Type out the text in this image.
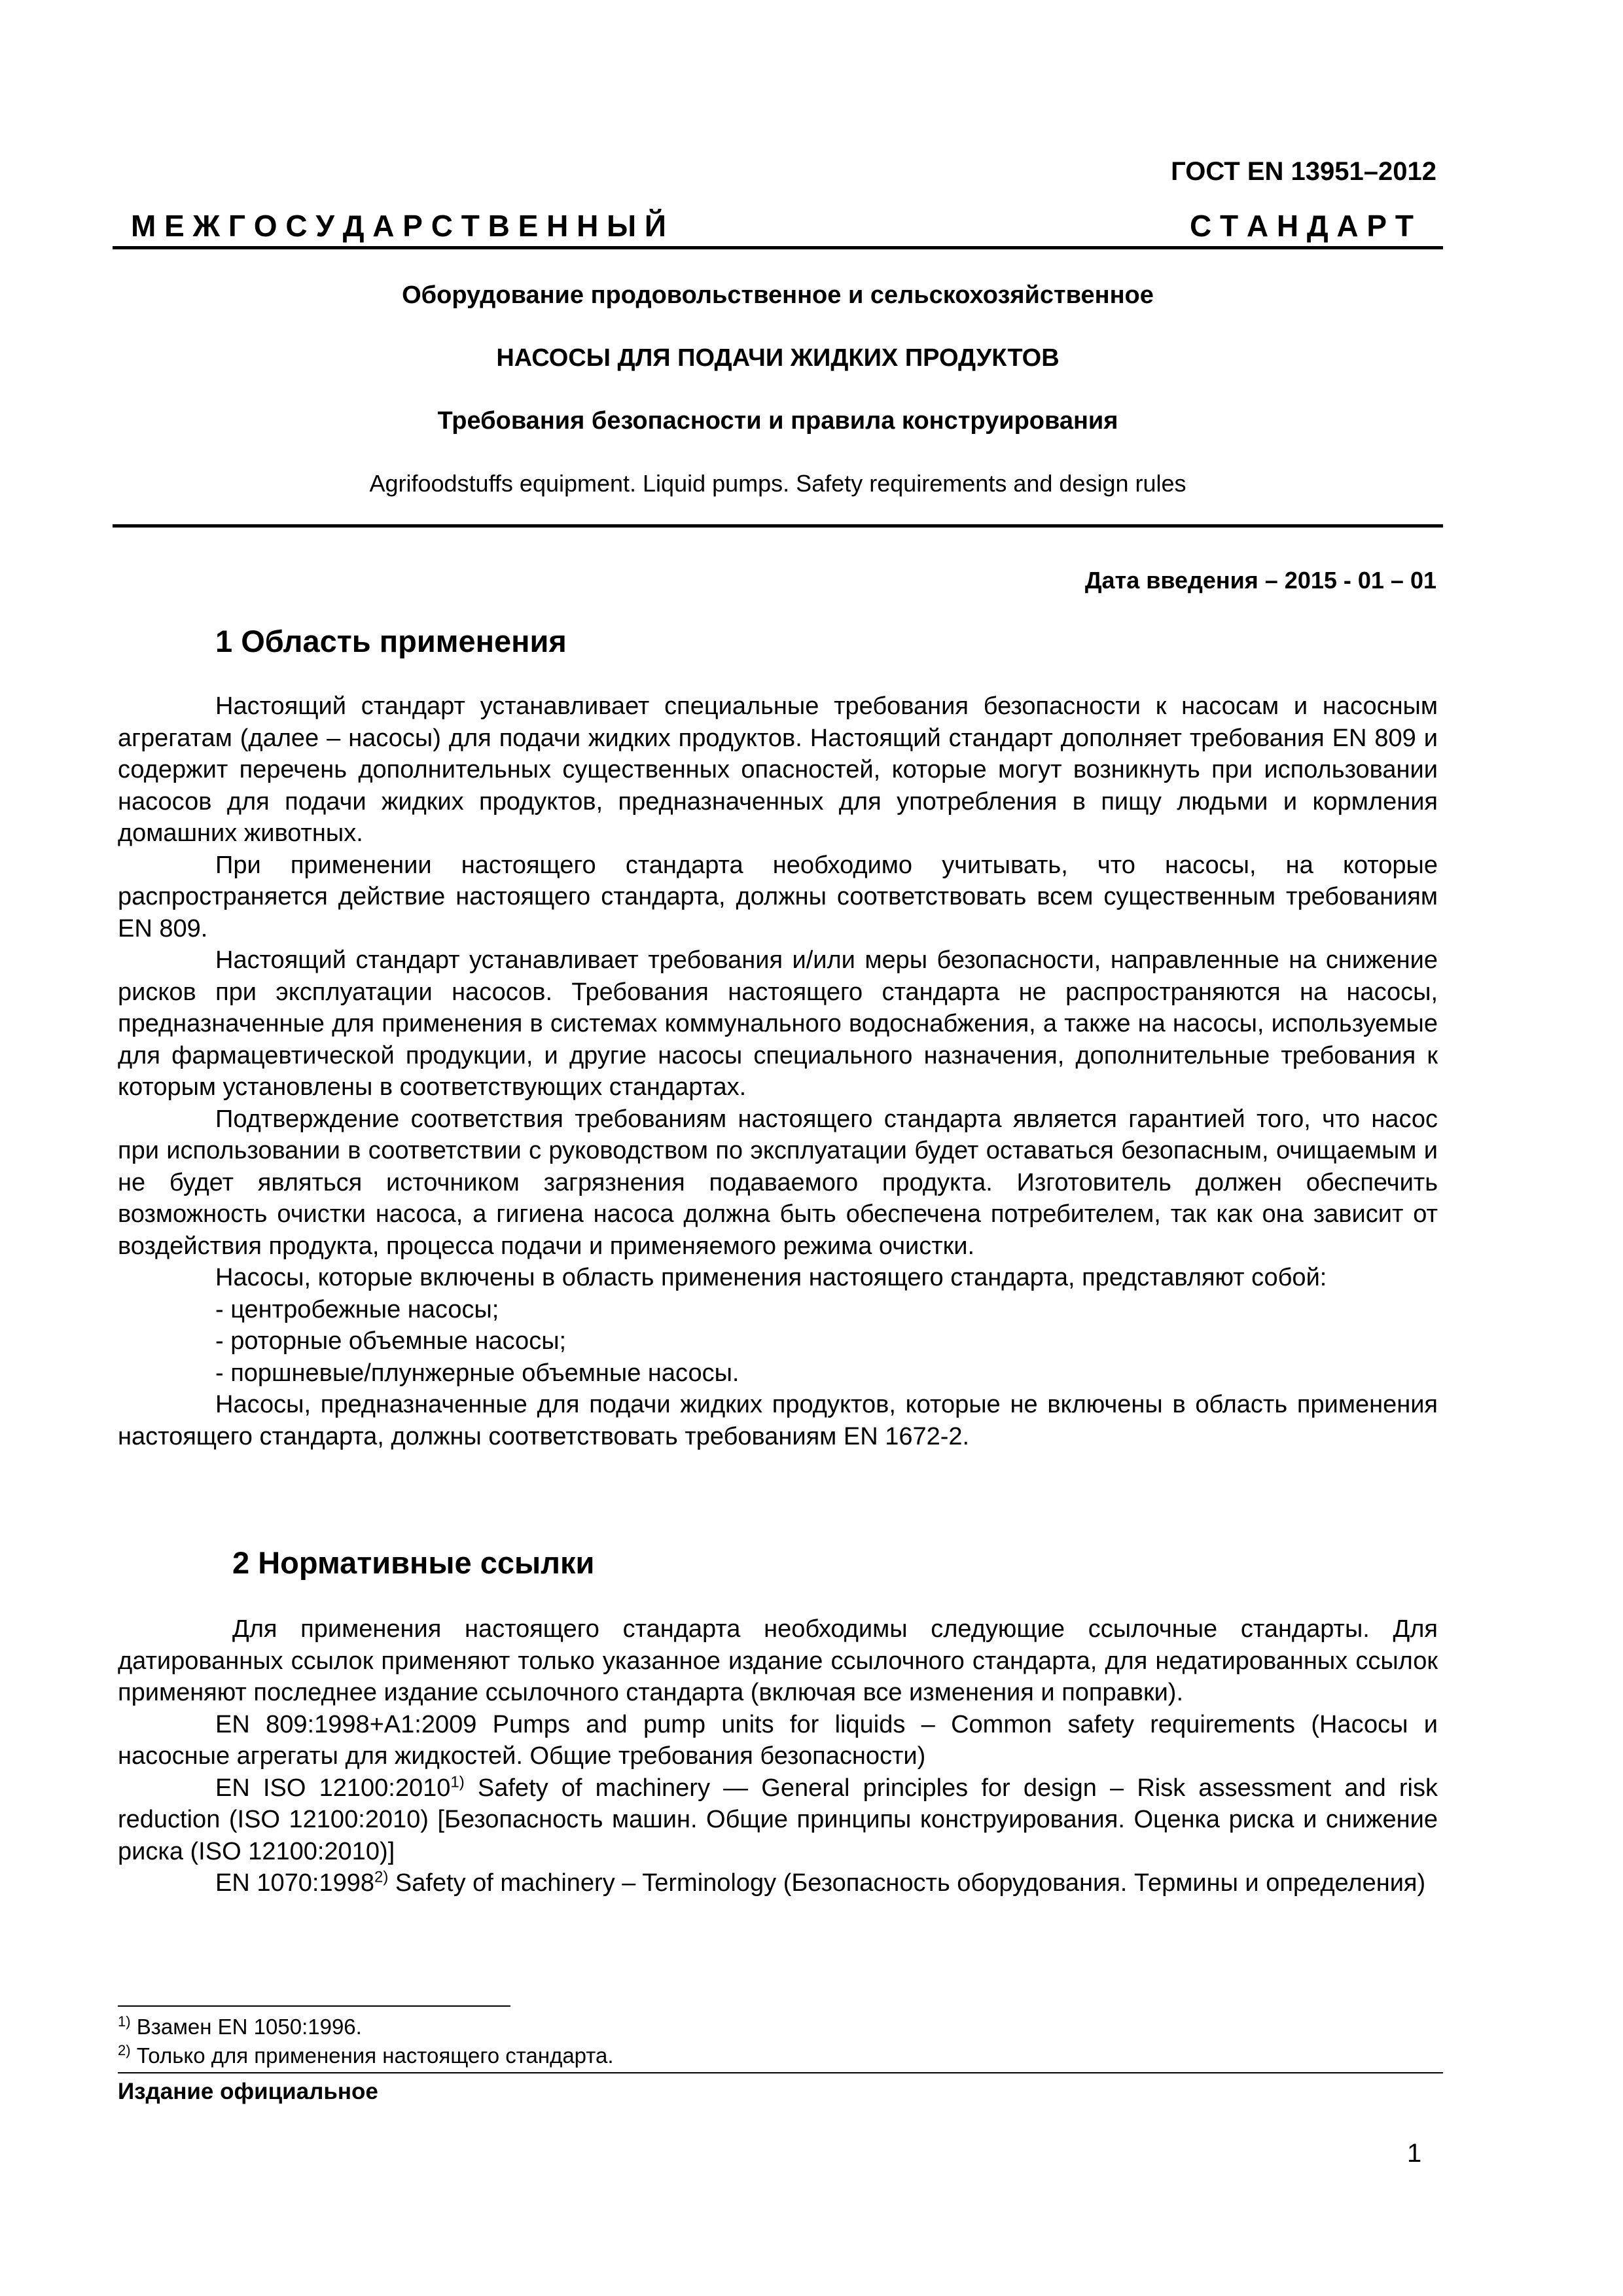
ГОСТ EN 13951–2012
М Е Ж Г О С У Д А Р С Т В Е Н Н Ы Й	С Т А Н Д А Р Т
Оборудование продовольственное и сельскохозяйственное
НАСОСЫ ДЛЯ ПОДАЧИ ЖИДКИХ ПРОДУКТОВ
Требования безопасности и правила конструирования
Agrifoodstuffs equipment. Liquid pumps. Safety requirements and design rules
Дата введения – 2015 - 01 – 01
1 Область применения

Настоящий стандарт устанавливает специальные требования безопасности к насосам и насосным агрегатам (далее – насосы) для подачи жидких продуктов. Настоящий стандарт дополняет требования EN 809 и содержит перечень дополнительных существенных опасностей, которые могут возникнуть при использовании насосов для подачи жидких продуктов, предназначенных для употребления в пищу людьми и кормления домашних животных.

При применении настоящего стандарта необходимо учитывать, что насосы, на которые распространяется действие настоящего стандарта, должны соответствовать всем существенным требованиям EN 809.

Настоящий стандарт устанавливает требования и/или меры безопасности, направленные на снижение рисков при эксплуатации насосов. Требования настоящего стандарта не распространяются на насосы, предназначенные для применения в системах коммунального водоснабжения, а также на насосы, используемые для фармацевтической продукции, и другие насосы специального назначения, дополнительные требования к которым установлены в соответствующих стандартах.

Подтверждение соответствия требованиям настоящего стандарта является гарантией того, что насос при использовании в соответствии с руководством по эксплуатации будет оставаться безопасным, очищаемым и не будет являться источником загрязнения подаваемого продукта. Изготовитель должен обеспечить возможность очистки насоса, а гигиена насоса должна быть обеспечена потребителем, так как она зависит от воздействия продукта, процесса подачи и применяемого режима очистки.

Насосы, которые включены в область применения настоящего стандарта, представляют собой:

- центробежные насосы;

- роторные объемные насосы;

- поршневые/плунжерные объемные насосы.

Насосы, предназначенные для подачи жидких продуктов, которые не включены в область применения настоящего стандарта, должны соответствовать требованиям EN 1672-2.

2 Нормативные ссылки

Для применения настоящего стандарта необходимы следующие ссылочные стандарты. Для датированных ссылок применяют только указанное издание ссылочного стандарта, для недатированных ссылок применяют последнее издание ссылочного стандарта (включая все изменения и поправки).

EN 809:1998+A1:2009 Pumps and pump units for liquids – Common safety requirements (Насосы и насосные агрегаты для жидкостей. Общие требования безопасности)

EN ISO 12100:2010$^{1)}$ Safety of machinery — General principles for design – Risk assessment and risk reduction (ISO 12100:2010) [Безопасность машин. Общие принципы конструирования. Оценка риска и снижение риска (ISO 12100:2010)]

EN 1070:1998$^{2)}$ Safety of machinery – Terminology (Безопасность оборудования. Термины и определения)

$^{1)}$ Взамен EN 1050:1996.
$^{2)}$ Только для применения настоящего стандарта.
Издание официальное
1
